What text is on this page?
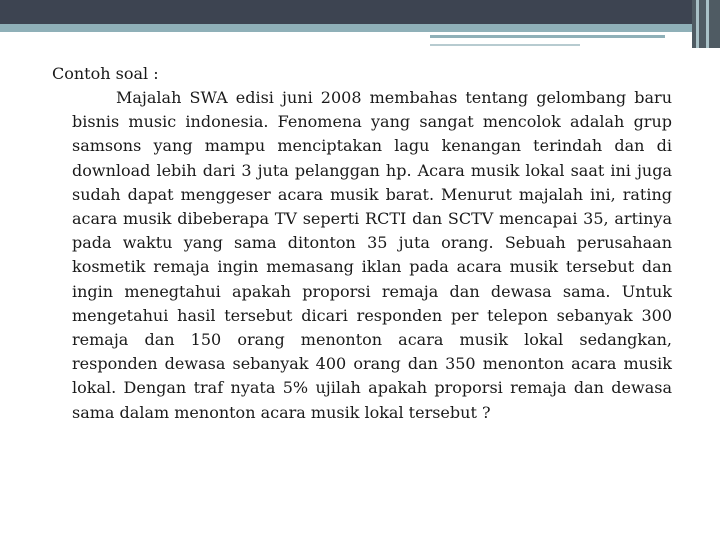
Contoh soal :

Majalah SWA edisi juni 2008 membahas tentang gelombang baru bisnis music indonesia. Fenomena yang sangat mencolok adalah grup samsons yang mampu menciptakan lagu kenangan terindah dan di download lebih dari 3 juta pelanggan hp. Acara musik lokal saat ini juga sudah dapat menggeser acara musik barat. Menurut majalah ini, rating acara musik dibeberapa TV seperti RCTI dan SCTV mencapai 35, artinya pada waktu yang sama ditonton 35 juta orang. Sebuah perusahaan kosmetik remaja ingin memasang iklan pada acara musik tersebut dan ingin menegtahui apakah proporsi remaja dan dewasa sama. Untuk mengetahui hasil tersebut dicari responden per telepon sebanyak 300 remaja dan 150 orang menonton acara musik lokal sedangkan, responden dewasa sebanyak 400 orang dan 350 menonton acara musik lokal. Dengan traf nyata 5% ujilah apakah proporsi remaja dan dewasa sama dalam menonton acara musik lokal tersebut ?
